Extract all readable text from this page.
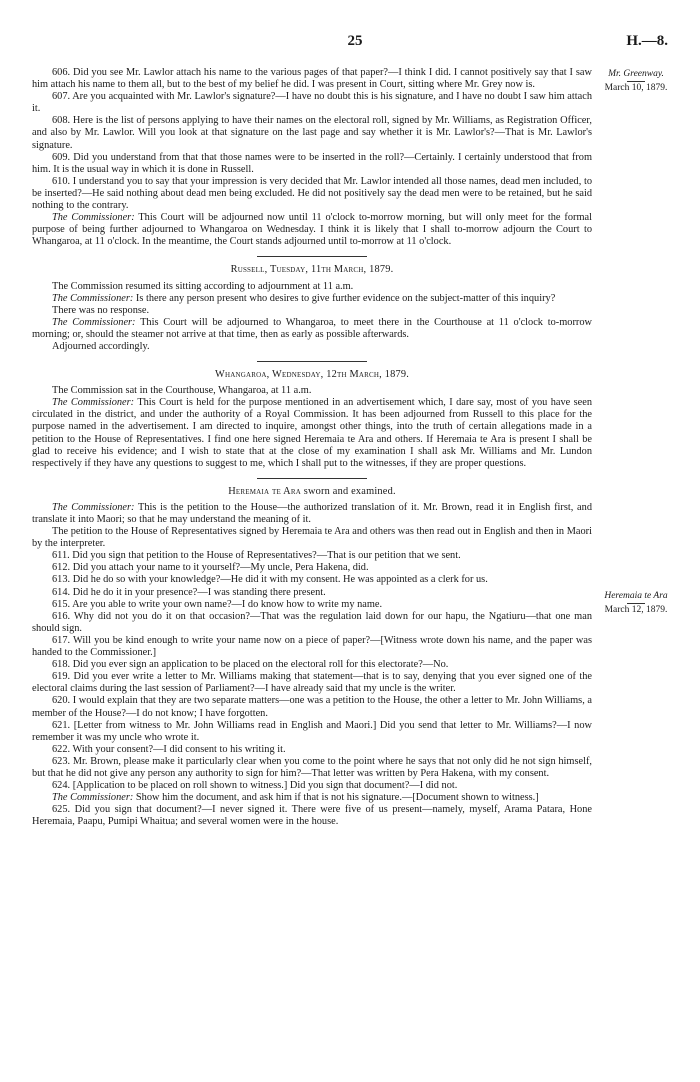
25	H.—8.
Mr. Greenway.
March 10, 1879.
Heremaia te Ara
March 12, 1879.

606. Did you see Mr. Lawlor attach his name to the various pages of that paper?—I think I did. I cannot positively say that I saw him attach his name to them all, but to the best of my belief he did. I was present in Court, sitting where Mr. Grey now is.

607. Are you acquainted with Mr. Lawlor's signature?—I have no doubt this is his signature, and I have no doubt I saw him attach it.

608. Here is the list of persons applying to have their names on the electoral roll, signed by Mr. Williams, as Registration Officer, and also by Mr. Lawlor. Will you look at that signature on the last page and say whether it is Mr. Lawlor's?—That is Mr. Lawlor's signature.

609. Did you understand from that that those names were to be inserted in the roll?—Certainly. I certainly understood that from him. It is the usual way in which it is done in Russell.

610. I understand you to say that your impression is very decided that Mr. Lawlor intended all those names, dead men included, to be inserted?—He said nothing about dead men being excluded. He did not positively say the dead men were to be retained, but he said nothing to the contrary.

The Commissioner: This Court will be adjourned now until 11 o'clock to-morrow morning, but will only meet for the formal purpose of being further adjourned to Whangaroa on Wednesday. I think it is likely that I shall to-morrow adjourn the Court to Whangaroa, at 11 o'clock. In the meantime, the Court stands adjourned until to-morrow at 11 o'clock.

Russell, Tuesday, 11th March, 1879.

The Commission resumed its sitting according to adjournment at 11 a.m.

The Commissioner: Is there any person present who desires to give further evidence on the subject-matter of this inquiry?

There was no response.

The Commissioner: This Court will be adjourned to Whangaroa, to meet there in the Courthouse at 11 o'clock to-morrow morning; or, should the steamer not arrive at that time, then as early as possible afterwards.

Adjourned accordingly.

Whangaroa, Wednesday, 12th March, 1879.

The Commission sat in the Courthouse, Whangaroa, at 11 a.m.

The Commissioner: This Court is held for the purpose mentioned in an advertisement which, I dare say, most of you have seen circulated in the district, and under the authority of a Royal Commission. It has been adjourned from Russell to this place for the purpose named in the advertisement. I am directed to inquire, amongst other things, into the truth of certain allegations made in a petition to the House of Representatives. I find one here signed Heremaia te Ara and others. If Heremaia te Ara is present I shall be glad to receive his evidence; and I wish to state that at the close of my examination I shall ask Mr. Williams and Mr. Lundon respectively if they have any questions to suggest to me, which I shall put to the witnesses, if they are proper questions.

Heremaia te Ara sworn and examined.

The Commissioner: This is the petition to the House—the authorized translation of it. Mr. Brown, read it in English first, and translate it into Maori; so that he may understand the meaning of it.

The petition to the House of Representatives signed by Heremaia te Ara and others was then read out in English and then in Maori by the interpreter.

611. Did you sign that petition to the House of Representatives?—That is our petition that we sent.

612. Did you attach your name to it yourself?—My uncle, Pera Hakena, did.

613. Did he do so with your knowledge?—He did it with my consent. He was appointed as a clerk for us.

614. Did he do it in your presence?—I was standing there present.

615. Are you able to write your own name?—I do know how to write my name.

616. Why did not you do it on that occasion?—That was the regulation laid down for our hapu, the Ngatiuru—that one man should sign.

617. Will you be kind enough to write your name now on a piece of paper?—[Witness wrote down his name, and the paper was handed to the Commissioner.]

618. Did you ever sign an application to be placed on the electoral roll for this electorate?—No.

619. Did you ever write a letter to Mr. Williams making that statement—that is to say, denying that you ever signed one of the electoral claims during the last session of Parliament?—I have already said that my uncle is the writer.

620. I would explain that they are two separate matters—one was a petition to the House, the other a letter to Mr. John Williams, a member of the House?—I do not know; I have forgotten.

621. [Letter from witness to Mr. John Williams read in English and Maori.] Did you send that letter to Mr. Williams?—I now remember it was my uncle who wrote it.

622. With your consent?—I did consent to his writing it.

623. Mr. Brown, please make it particularly clear when you come to the point where he says that not only did he not sign himself, but that he did not give any person any authority to sign for him?—That letter was written by Pera Hakena, with my consent.

624. [Application to be placed on roll shown to witness.] Did you sign that document?—I did not.

The Commissioner: Show him the document, and ask him if that is not his signature.—[Document shown to witness.]

625. Did you sign that document?—I never signed it. There were five of us present—namely, myself, Arama Patara, Hone Heremaia, Paapu, Pumipi Whaitua; and several women were in the house.
